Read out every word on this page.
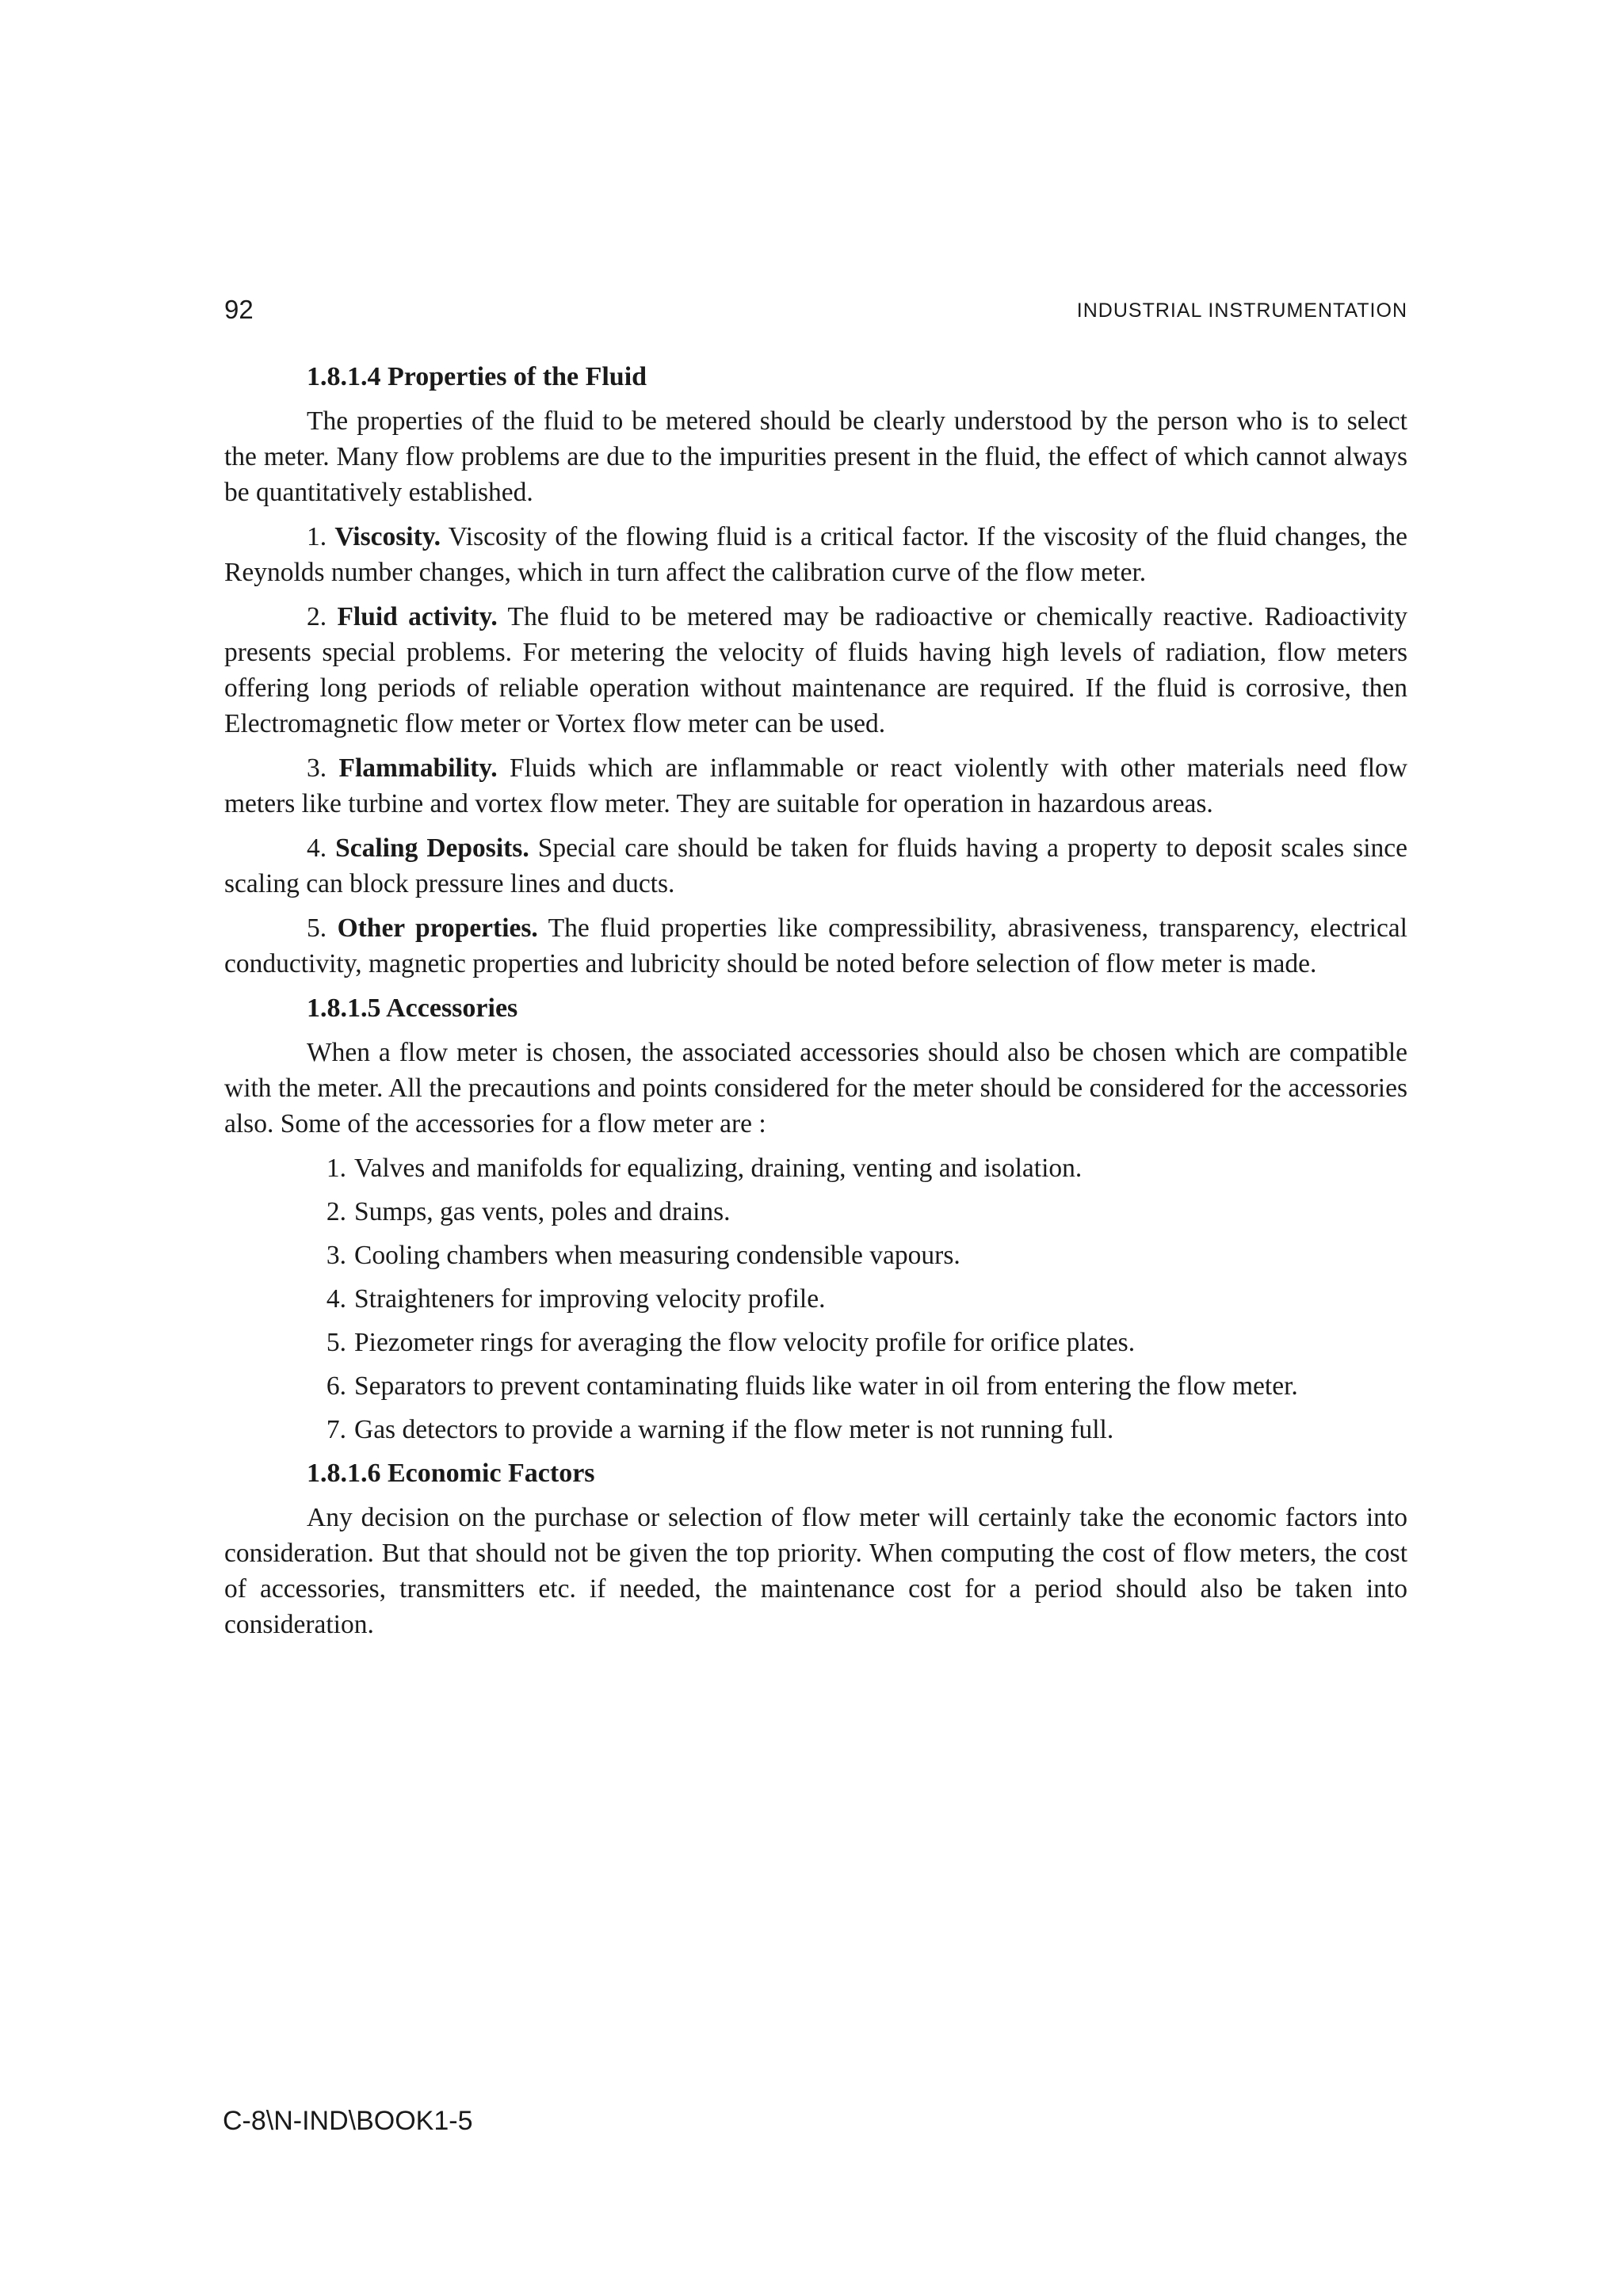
92	INDUSTRIAL INSTRUMENTATION
1.8.1.4 Properties of the Fluid

The properties of the fluid to be metered should be clearly understood by the person who is to select the meter. Many flow problems are due to the impurities present in the fluid, the effect of which cannot always be quantitatively established.

1. Viscosity. Viscosity of the flowing fluid is a critical factor. If the viscosity of the fluid changes, the Reynolds number changes, which in turn affect the calibration curve of the flow meter.

2. Fluid activity. The fluid to be metered may be radioactive or chemically reactive. Radioactivity presents special problems. For metering the velocity of fluids having high levels of radiation, flow meters offering long periods of reliable operation without maintenance are required. If the fluid is corrosive, then Electromagnetic flow meter or Vortex flow meter can be used.

3. Flammability. Fluids which are inflammable or react violently with other materials need flow meters like turbine and vortex flow meter. They are suitable for operation in hazardous areas.

4. Scaling Deposits. Special care should be taken for fluids having a property to deposit scales since scaling can block pressure lines and ducts.

5. Other properties. The fluid properties like compressibility, abrasiveness, transparency, electrical conductivity, magnetic properties and lubricity should be noted before selection of flow meter is made.

1.8.1.5 Accessories

When a flow meter is chosen, the associated accessories should also be chosen which are compatible with the meter. All the precautions and points considered for the meter should be considered for the accessories also. Some of the accessories for a flow meter are :

1. Valves and manifolds for equalizing, draining, venting and isolation.
2. Sumps, gas vents, poles and drains.
3. Cooling chambers when measuring condensible vapours.
4. Straighteners for improving velocity profile.
5. Piezometer rings for averaging the flow velocity profile for orifice plates.
6. Separators to prevent contaminating fluids like water in oil from entering the flow meter.
7. Gas detectors to provide a warning if the flow meter is not running full.
1.8.1.6 Economic Factors

Any decision on the purchase or selection of flow meter will certainly take the economic factors into consideration. But that should not be given the top priority. When computing the cost of flow meters, the cost of accessories, transmitters etc. if needed, the maintenance cost for a period should also be taken into consideration.

C-8\N-IND\BOOK1-5
